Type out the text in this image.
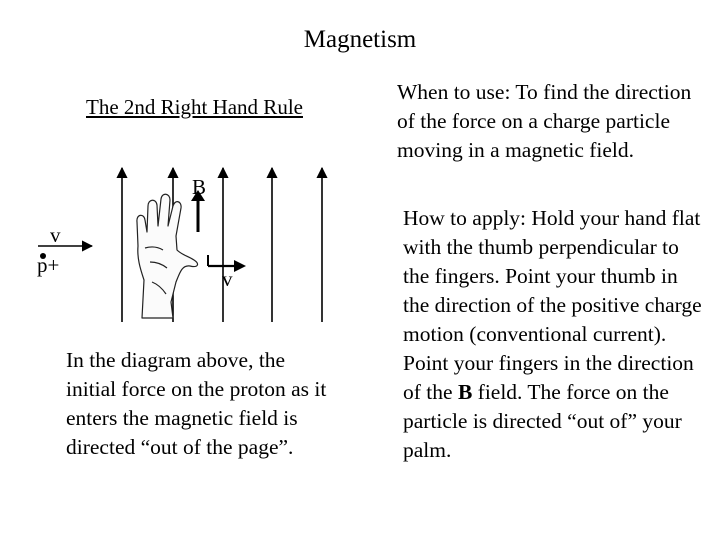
Magnetism
The 2nd Right Hand Rule
B
v
v
p+
When to use: To find the direction of the force on a charge particle moving in a magnetic field.
How to apply: Hold your hand flat with the thumb perpendicular to the fingers. Point your thumb in the direction of the positive charge motion (conventional current). Point your fingers in the direction of the B field. The force on the particle is directed “out of” your palm.
In the diagram above, the initial force on the proton as it enters the magnetic field is directed “out of the page”.
